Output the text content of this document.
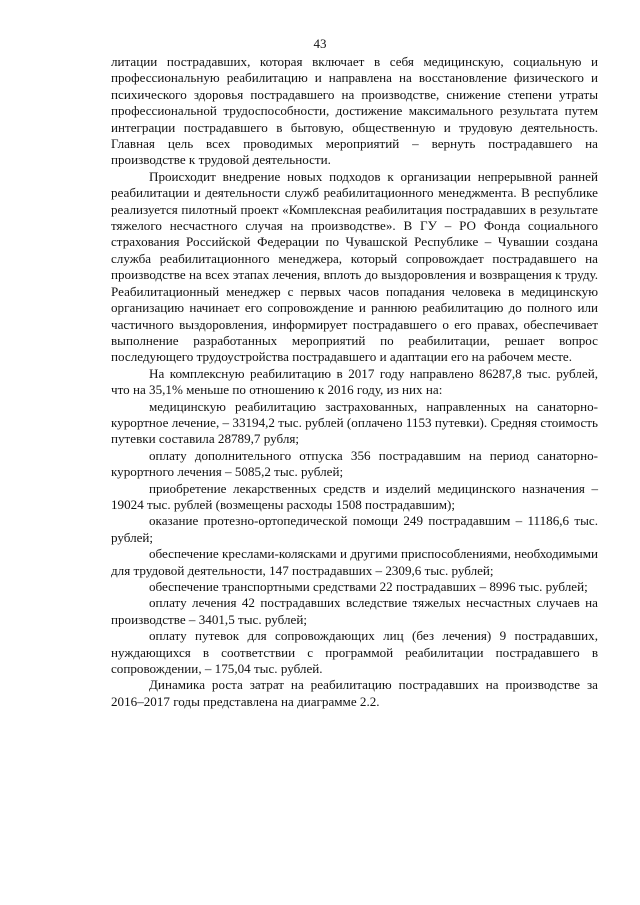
43

литации пострадавших, которая включает в себя медицинскую, социальную и профессиональную реабилитацию и направлена на восстановление физического и психического здоровья пострадавшего на производстве, снижение степени утраты профессиональной трудоспособности, достижение максимального результата путем интеграции пострадавшего в бытовую, общественную и трудовую деятельность. Главная цель всех проводимых мероприятий – вернуть пострадавшего на производстве к трудовой деятельности.

Происходит внедрение новых подходов к организации непрерывной ранней реабилитации и деятельности служб реабилитационного менеджмента. В республике реализуется пилотный проект «Комплексная реабилитация пострадавших в результате тяжелого несчастного случая на производстве». В ГУ – РО Фонда социального страхования Российской Федерации по Чувашской Республике – Чувашии создана служба реабилитационного менеджера, который сопровождает пострадавшего на производстве на всех этапах лечения, вплоть до выздоровления и возвращения к труду. Реабилитационный менеджер с первых часов попадания человека в медицинскую организацию начинает его сопровождение и раннюю реабилитацию до полного или частичного выздоровления, информирует пострадавшего о его правах, обеспечивает выполнение разработанных мероприятий по реабилитации, решает вопрос последующего трудоустройства пострадавшего и адаптации его на рабочем месте.

На комплексную реабилитацию в 2017 году направлено 86287,8 тыс. рублей, что на 35,1% меньше по отношению к 2016 году, из них на:

медицинскую реабилитацию застрахованных, направленных на санаторно-курортное лечение, – 33194,2 тыс. рублей (оплачено 1153 путевки). Средняя стоимость путевки составила 28789,7 рубля;

оплату дополнительного отпуска 356 пострадавшим на период санаторно-курортного лечения – 5085,2 тыс. рублей;

приобретение лекарственных средств и изделий медицинского назначения – 19024 тыс. рублей (возмещены расходы 1508 пострадавшим);

оказание протезно-ортопедической помощи 249 пострадавшим – 11186,6 тыс. рублей;

обеспечение креслами-колясками и другими приспособлениями, необходимыми для трудовой деятельности, 147 пострадавших – 2309,6 тыс. рублей;

обеспечение транспортными средствами 22 пострадавших – 8996 тыс. рублей;

оплату лечения 42 пострадавших вследствие тяжелых несчастных случаев на производстве – 3401,5 тыс. рублей;

оплату путевок для сопровождающих лиц (без лечения) 9 пострадавших, нуждающихся в соответствии с программой реабилитации пострадавшего в сопровождении, – 175,04 тыс. рублей.

Динамика роста затрат на реабилитацию пострадавших на производстве за 2016–2017 годы представлена на диаграмме 2.2.
